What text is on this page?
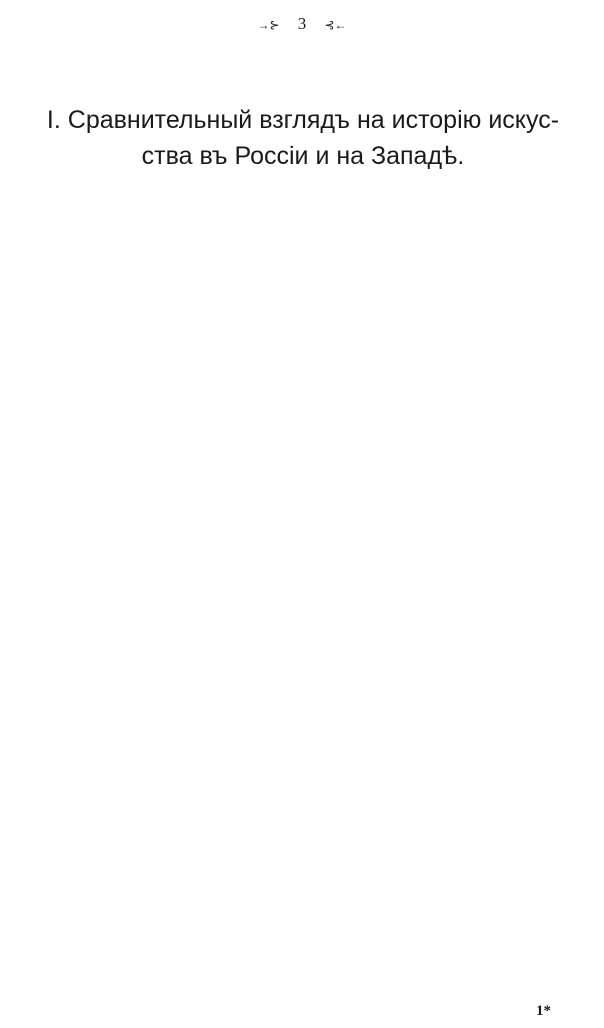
→⊱ 3 ⊰←
I. Сравнительный взглядъ на исторію искус-
ства въ Россіи и на Западѣ.

1*
